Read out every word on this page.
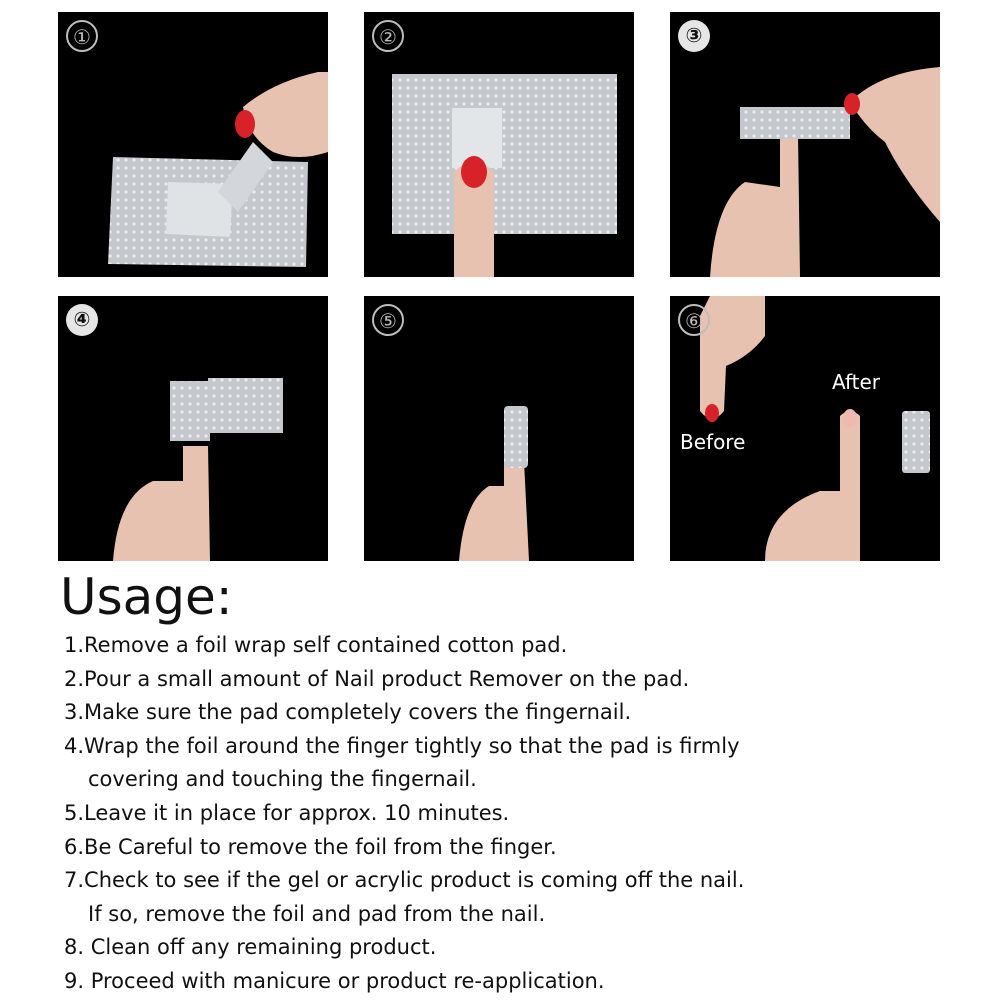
①	②	③
④	⑤	⑥
Before
After
Usage:
1.Remove a foil wrap self contained cotton pad.
2.Pour a small amount of Nail product Remover on the pad.
3.Make sure the pad completely covers the fingernail.
4.Wrap the foil around the finger tightly so that the pad is firmly
covering and touching the fingernail.
5.Leave it in place for approx. 10 minutes.
6.Be Careful to remove the foil from the finger.
7.Check to see if the gel or acrylic product is coming off the nail.
If so, remove the foil and pad from the nail.
8. Clean off any remaining product.
9. Proceed with manicure or product re-application.
